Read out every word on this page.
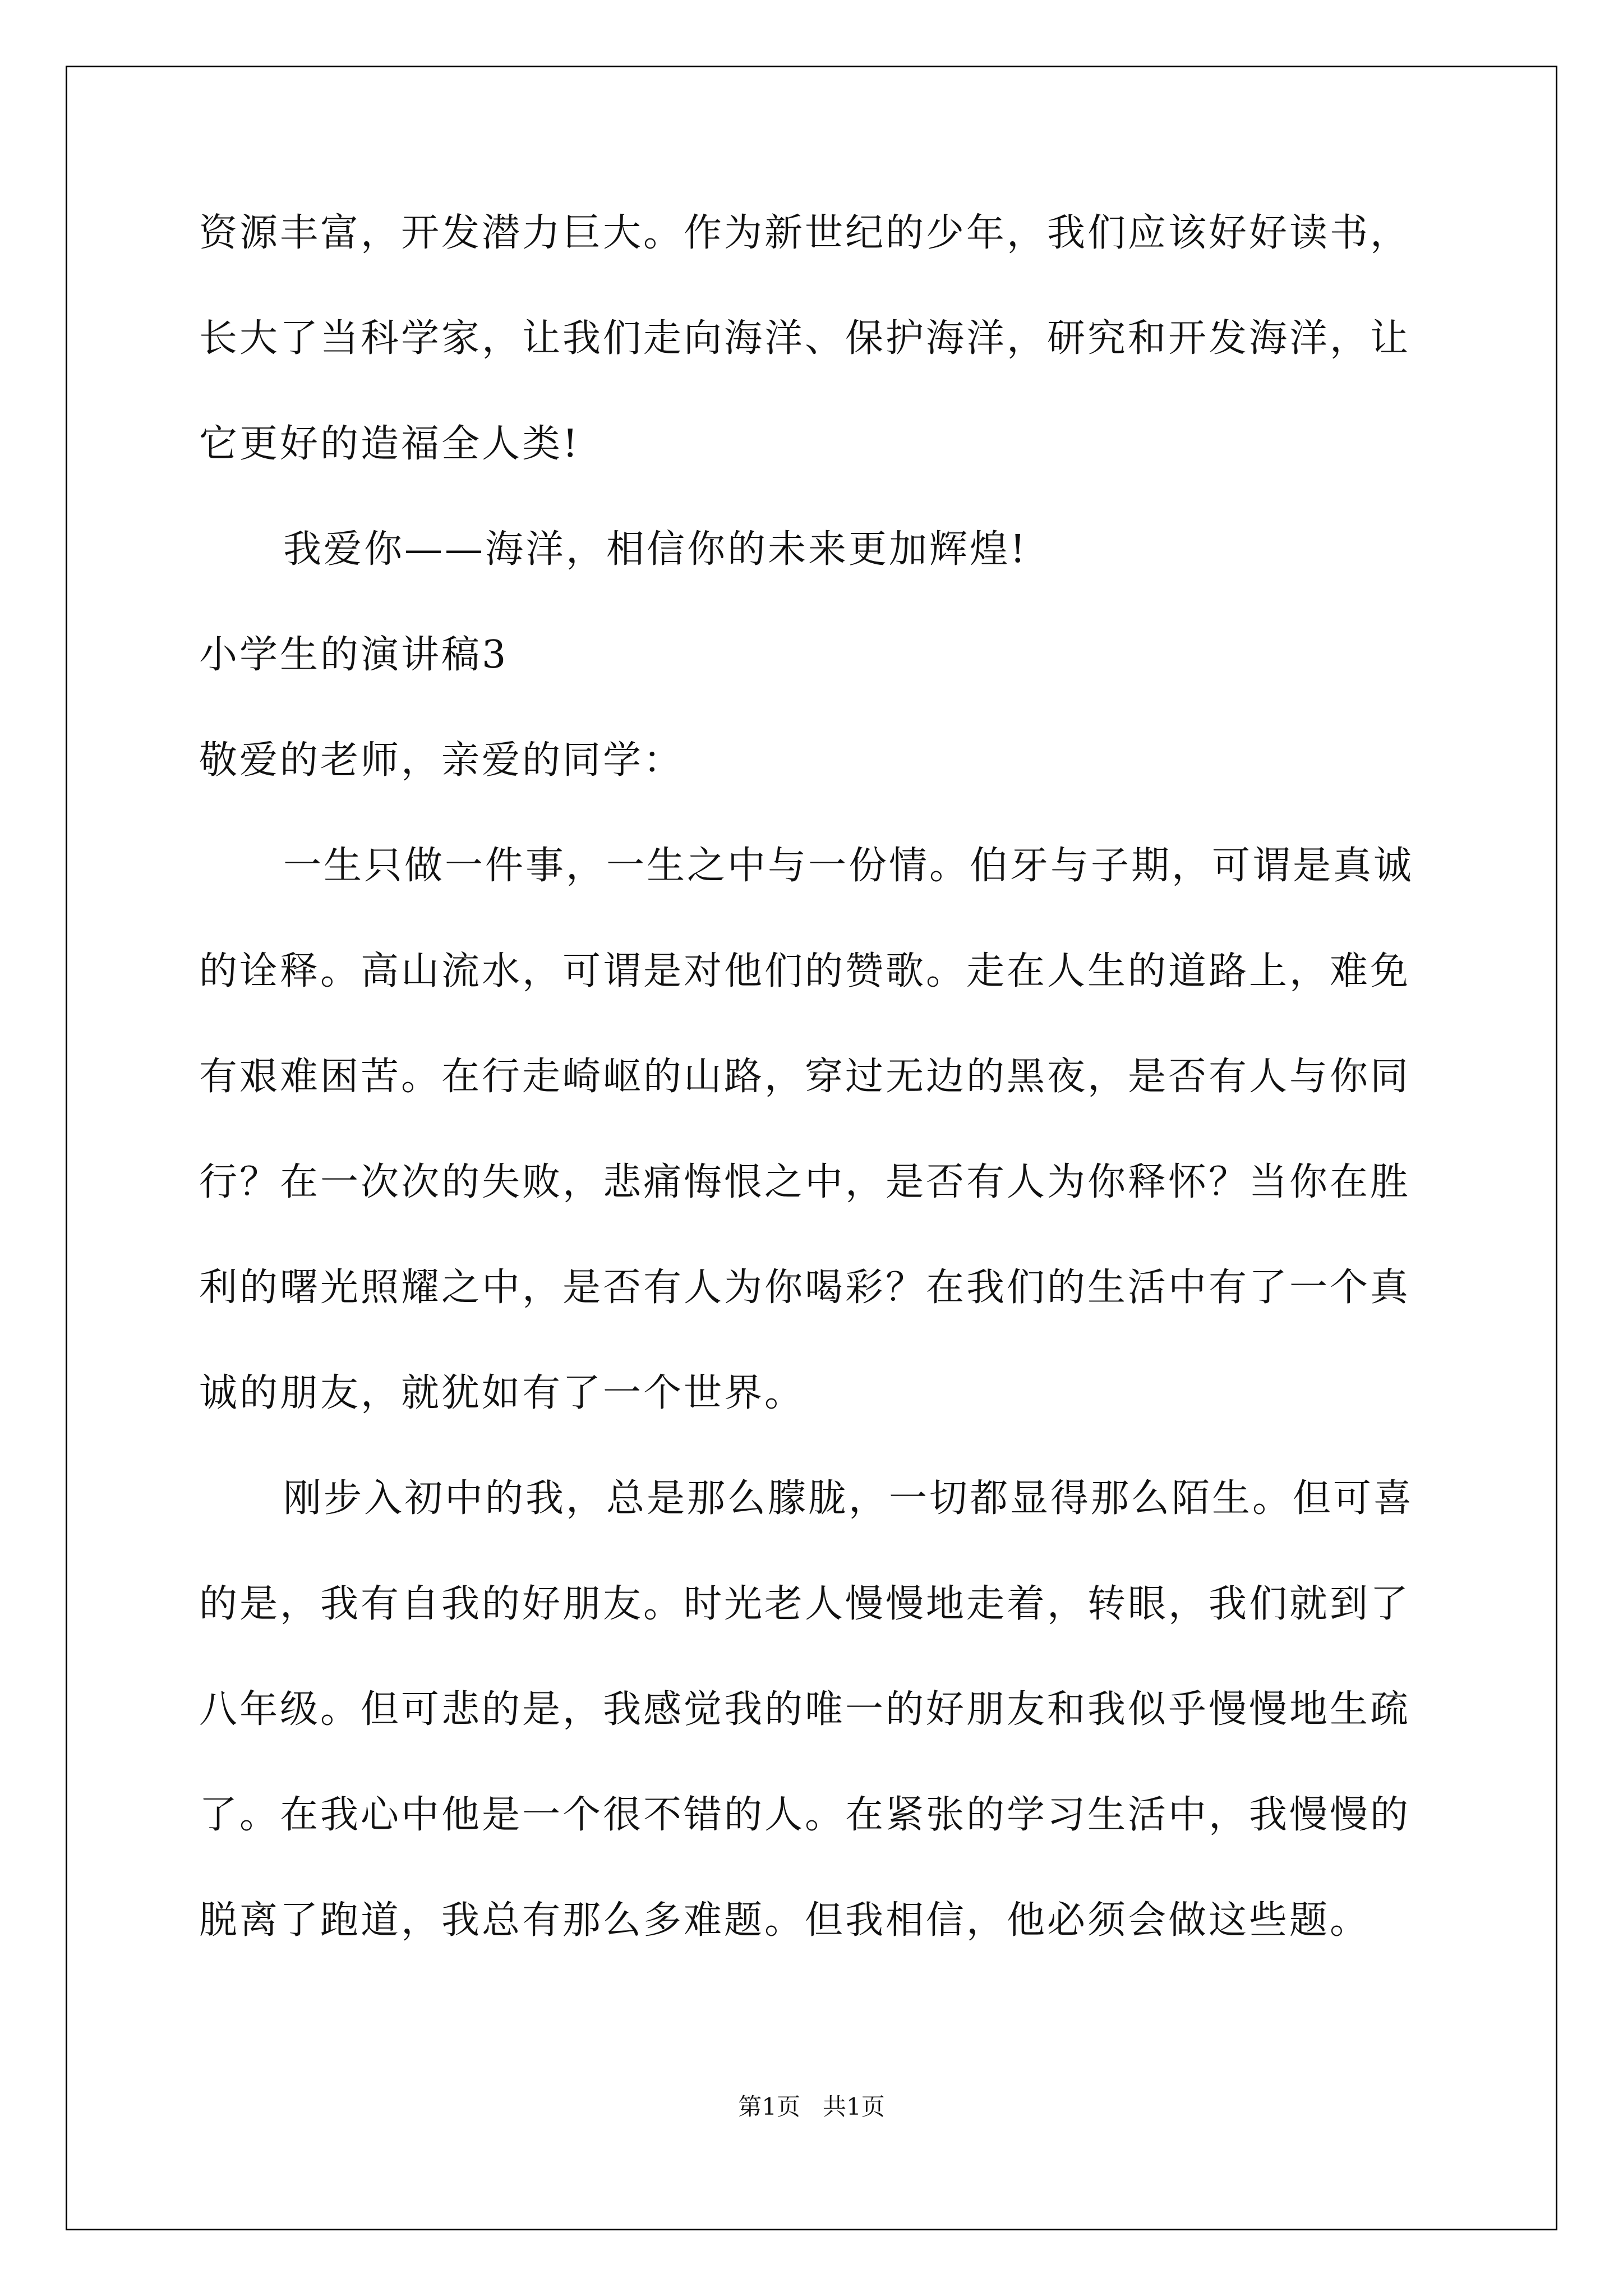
资源丰富，开发潜力巨大。作为新世纪的少年，我们应该好好读书，
长大了当科学家，让我们走向海洋、保护海洋，研究和开发海洋，让
它更好的造福全人类!
我爱你——海洋，相信你的未来更加辉煌!
小学生的演讲稿3
敬爱的老师，亲爱的同学：
一生只做一件事，一生之中与一份情。伯牙与子期，可谓是真诚
的诠释。高山流水，可谓是对他们的赞歌。走在人生的道路上，难免
有艰难困苦。在行走崎岖的山路，穿过无边的黑夜，是否有人与你同
行？在一次次的失败，悲痛悔恨之中，是否有人为你释怀？当你在胜
利的曙光照耀之中，是否有人为你喝彩？在我们的生活中有了一个真
诚的朋友，就犹如有了一个世界。
刚步入初中的我，总是那么朦胧，一切都显得那么陌生。但可喜
的是，我有自我的好朋友。时光老人慢慢地走着，转眼，我们就到了
八年级。但可悲的是，我感觉我的唯一的好朋友和我似乎慢慢地生疏
了。在我心中他是一个很不错的人。在紧张的学习生活中，我慢慢的
脱离了跑道，我总有那么多难题。但我相信，他必须会做这些题。
第1页   共1页
